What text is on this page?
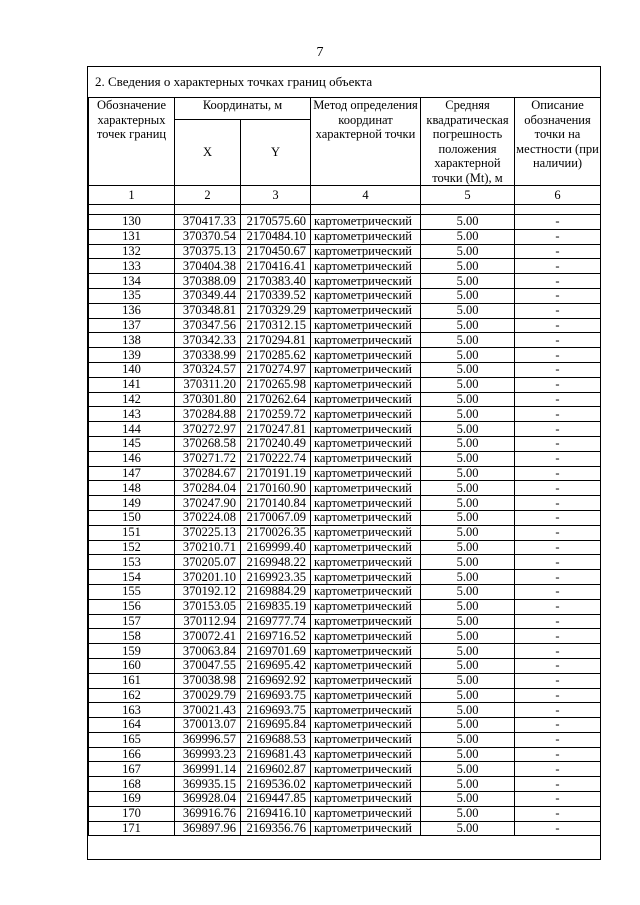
7
2. Сведения о характерных точках границ объекта
Обозначение характерных точек границ	Координаты, м		Метод определения координат характерной точки	Средняя квадратическая погрешность положения характерной точки (Mt), м	Описание обозначения точки на местности (при наличии)
	X	Y			
1	2	3	4	5	6

130	370417.33	2170575.60	картометрический	5.00	-
131	370370.54	2170484.10	картометрический	5.00	-
132	370375.13	2170450.67	картометрический	5.00	-
133	370404.38	2170416.41	картометрический	5.00	-
134	370388.09	2170383.40	картометрический	5.00	-
135	370349.44	2170339.52	картометрический	5.00	-
136	370348.81	2170329.29	картометрический	5.00	-
137	370347.56	2170312.15	картометрический	5.00	-
138	370342.33	2170294.81	картометрический	5.00	-
139	370338.99	2170285.62	картометрический	5.00	-
140	370324.57	2170274.97	картометрический	5.00	-
141	370311.20	2170265.98	картометрический	5.00	-
142	370301.80	2170262.64	картометрический	5.00	-
143	370284.88	2170259.72	картометрический	5.00	-
144	370272.97	2170247.81	картометрический	5.00	-
145	370268.58	2170240.49	картометрический	5.00	-
146	370271.72	2170222.74	картометрический	5.00	-
147	370284.67	2170191.19	картометрический	5.00	-
148	370284.04	2170160.90	картометрический	5.00	-
149	370247.90	2170140.84	картометрический	5.00	-
150	370224.08	2170067.09	картометрический	5.00	-
151	370225.13	2170026.35	картометрический	5.00	-
152	370210.71	2169999.40	картометрический	5.00	-
153	370205.07	2169948.22	картометрический	5.00	-
154	370201.10	2169923.35	картометрический	5.00	-
155	370192.12	2169884.29	картометрический	5.00	-
156	370153.05	2169835.19	картометрический	5.00	-
157	370112.94	2169777.74	картометрический	5.00	-
158	370072.41	2169716.52	картометрический	5.00	-
159	370063.84	2169701.69	картометрический	5.00	-
160	370047.55	2169695.42	картометрический	5.00	-
161	370038.98	2169692.92	картометрический	5.00	-
162	370029.79	2169693.75	картометрический	5.00	-
163	370021.43	2169693.75	картометрический	5.00	-
164	370013.07	2169695.84	картометрический	5.00	-
165	369996.57	2169688.53	картометрический	5.00	-
166	369993.23	2169681.43	картометрический	5.00	-
167	369991.14	2169602.87	картометрический	5.00	-
168	369935.15	2169536.02	картометрический	5.00	-
169	369928.04	2169447.85	картометрический	5.00	-
170	369916.76	2169416.10	картометрический	5.00	-
171	369897.96	2169356.76	картометрический	5.00	-
